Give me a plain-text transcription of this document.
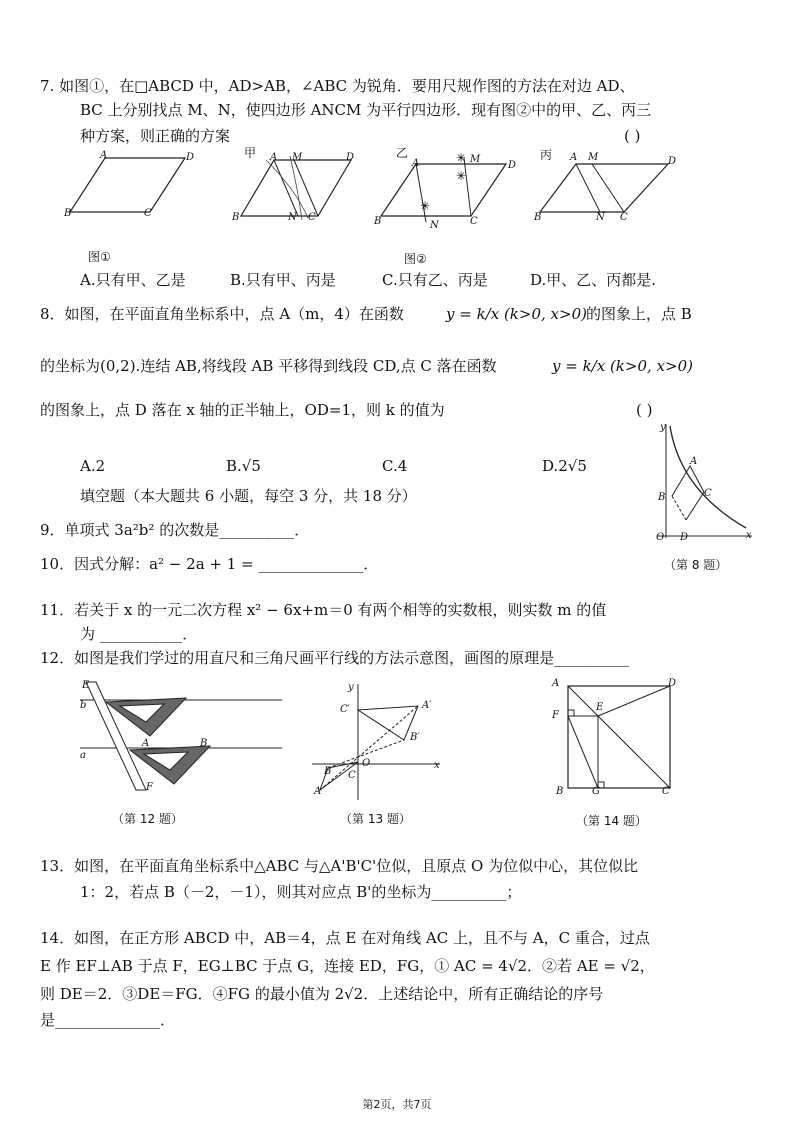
7. 如图①，在□ABCD 中，AD>AB，∠ABC 为锐角．要用尺规作图的方法在对边 AD、
BC 上分别找点 M、N，使四边形 ANCM 为平行四边形．现有图②中的甲、乙、丙三
种方案，则正确的方案	( )
A	D
B	C
甲 A M	D
B	N C
乙	✳
✳
✳
A	M
D
B	N	C
丙 A M	D
B	N C
图①	图②
A.只有甲、乙是	B.只有甲、丙是	C.只有乙、丙是	D.甲、乙、丙都是.
8．如图，在平面直角坐标系中，点 A（m，4）在函数	y = k/x (k>0, x>0) 的图象上，点 B
的坐标为(0,2).连结 AB,将线段 AB 平移得到线段 CD,点 C 落在函数	y = k/x (k>0, x>0)
的图象上，点 D 落在 x 轴的正半轴上，OD=1，则 k 的值为	( )
A.2	B.√5	C.4	D.2√5
y
A
B	C
O D	x
（第 8 题）
填空题（本大题共 6 小题，每空 3 分，共 18 分）
9．单项式 3a²b² 的次数是__________．
10．因式分解：a² − 2a + 1 = ______________．
11．若关于 x 的一元二次方程 x² − 6x+m＝0 有两个相等的实数根，则实数 m 的值
为 ___________．
12．如图是我们学过的用直尺和三角尺画平行线的方法示意图，画图的原理是__________
E
b
a
A	B
F
（第 12 题）
y
C′	A′
B′
O
B C
A
x
（第 13 题）
A	D
F
E
B	G	C
（第 14 题）
13．如图，在平面直角坐标系中△ABC 与△A'B'C'位似，且原点 O 为位似中心，其位似比
1：2，若点 B（－2，－1），则其对应点 B'的坐标为__________；
14．如图，在正方形 ABCD 中，AB＝4，点 E 在对角线 AC 上，且不与 A，C 重合，过点
E 作 EF⊥AB 于点 F，EG⊥BC 于点 G，连接 ED，FG，① AC = 4√2．②若 AE = √2，
则 DE＝2．③DE＝FG．④FG 的最小值为 2√2．上述结论中，所有正确结论的序号
是______________．
第2页，共7页
